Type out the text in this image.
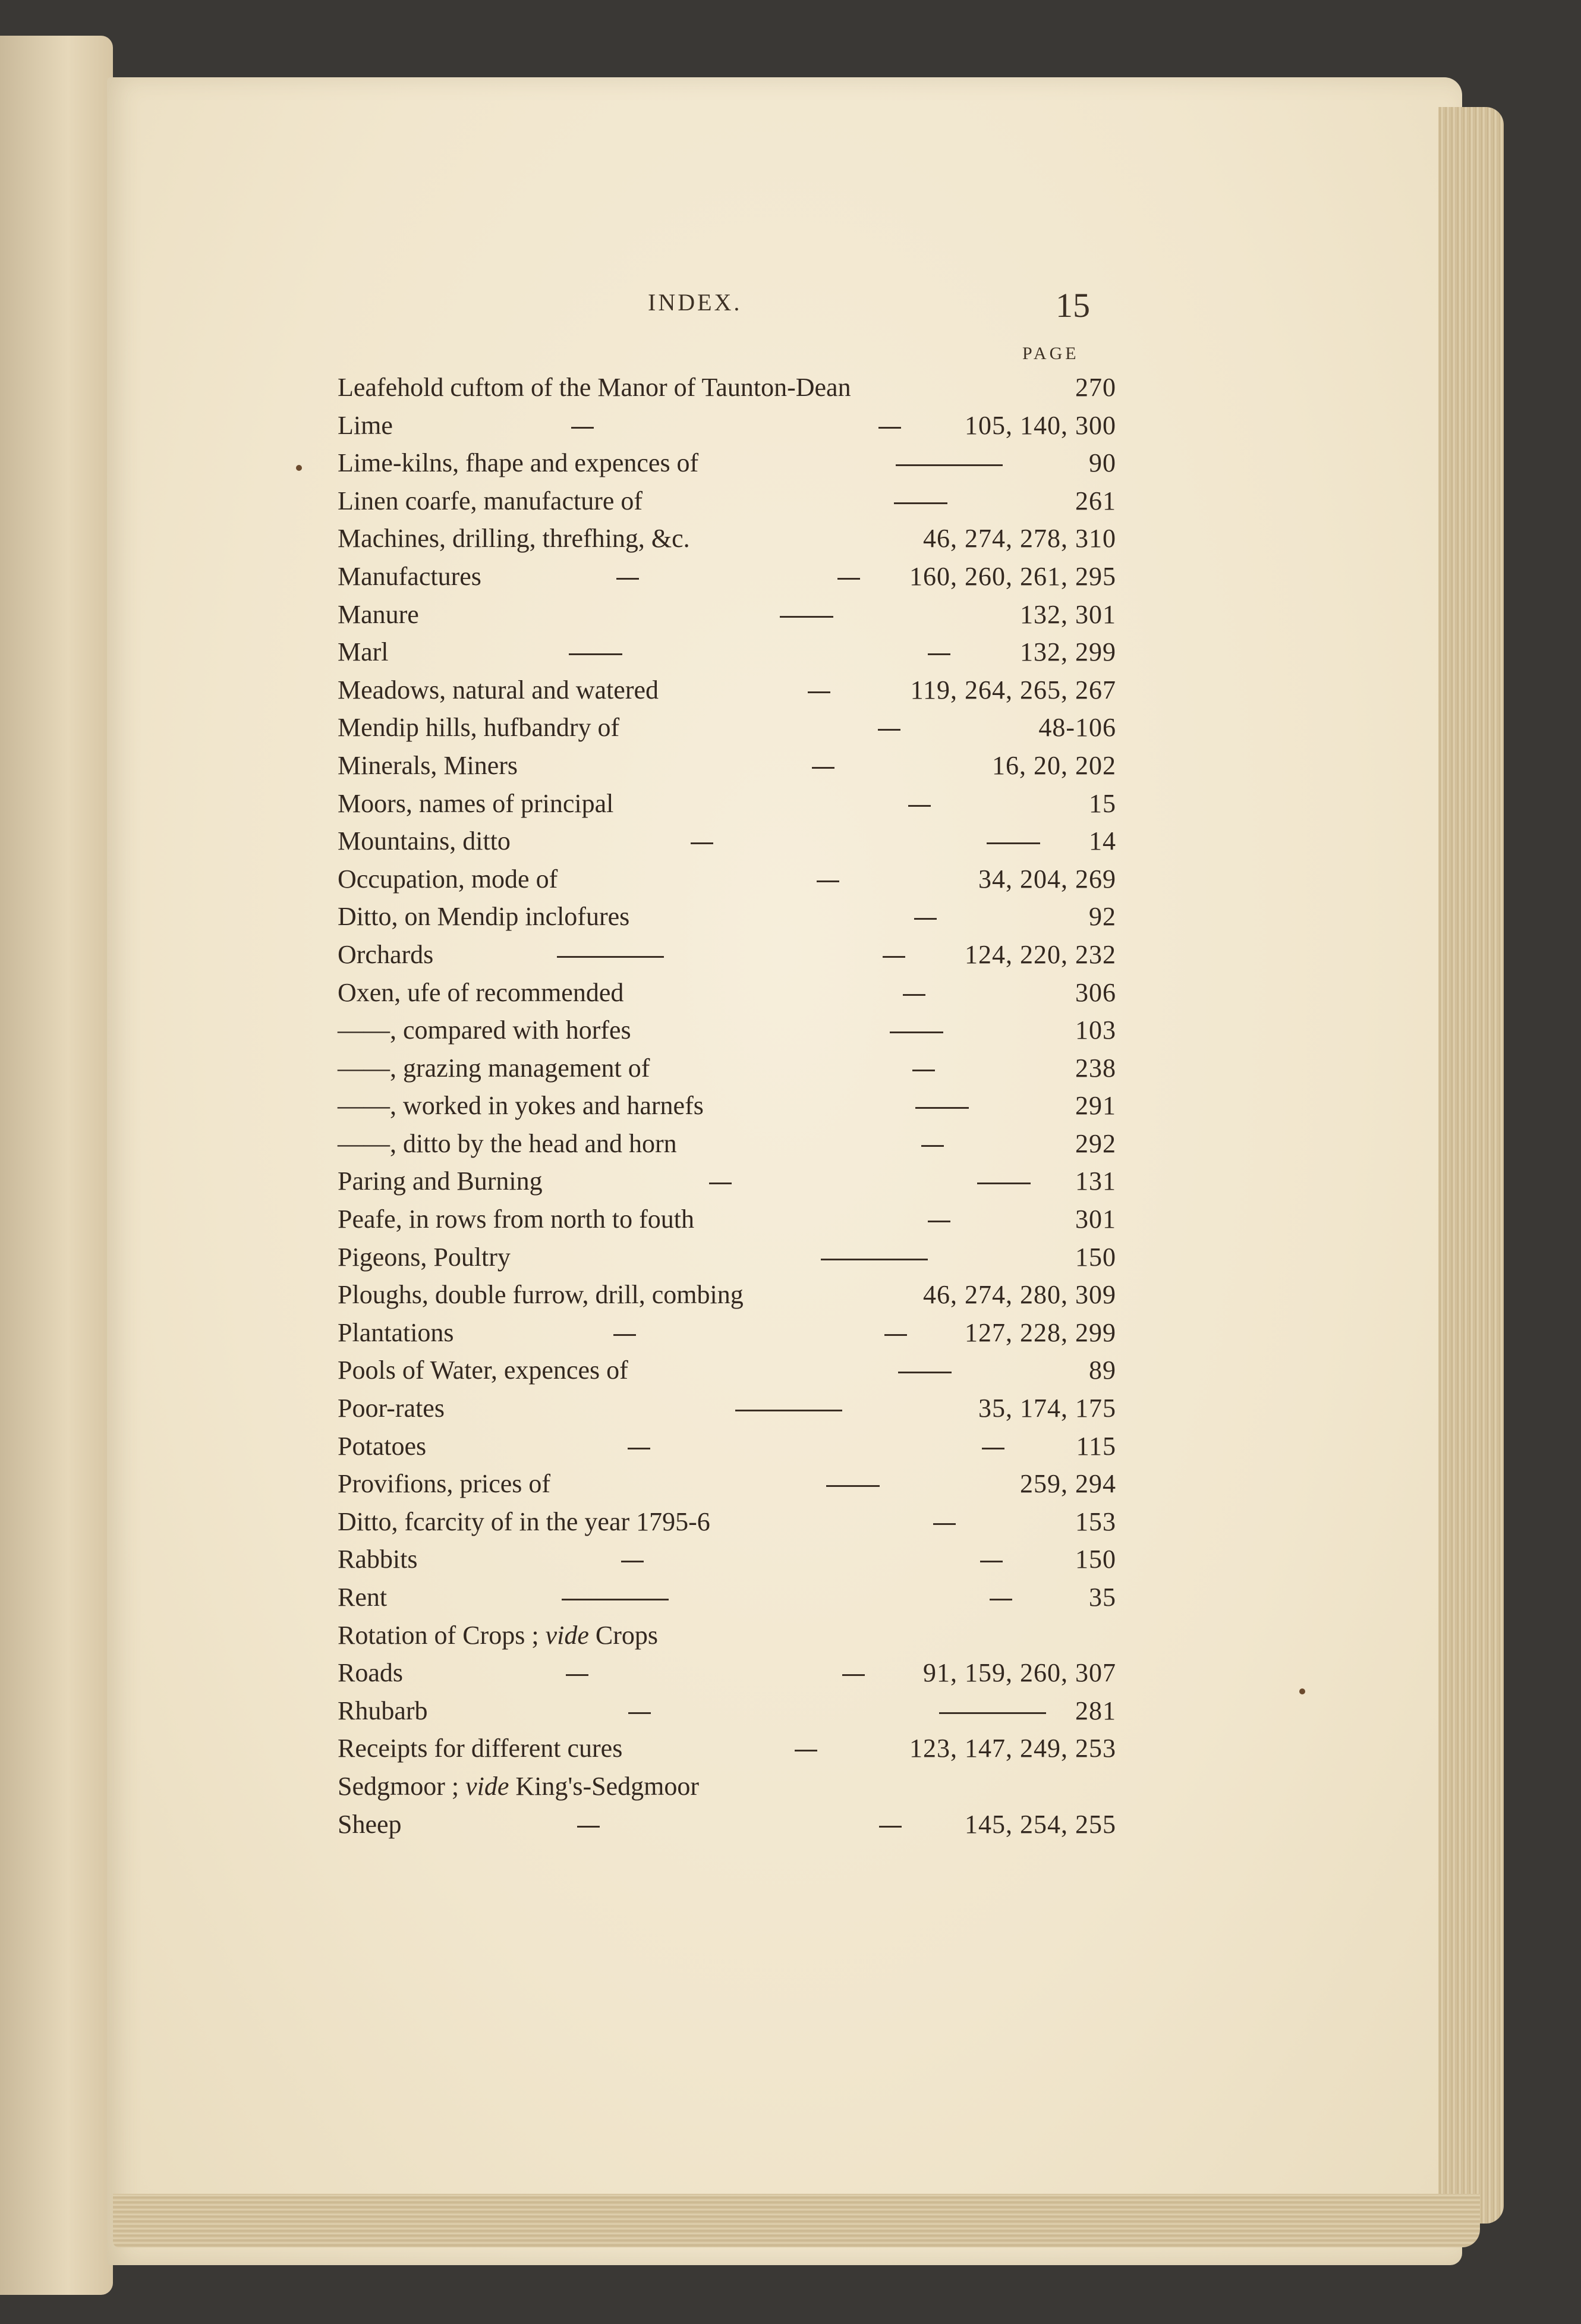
INDEX.	15
PAGE
Leafehold cuftom of the Manor of Taunton-Dean	270
Lime	105, 140, 300
Lime-kilns, fhape and expences of	90
Linen coarfe, manufacture of	261
Machines, drilling, threfhing, &c.	46, 274, 278, 310
Manufactures	160, 260, 261, 295
Manure	132, 301
Marl	132, 299
Meadows, natural and watered	119, 264, 265, 267
Mendip hills, hufbandry of	48-106
Minerals, Miners	16, 20, 202
Moors, names of principal	15
Mountains, ditto	14
Occupation, mode of	34, 204, 269
Ditto, on Mendip inclofures	92
Orchards	124, 220, 232
Oxen, ufe of recommended	306
——, compared with horfes	103
——, grazing management of	238
——, worked in yokes and harnefs	291
——, ditto by the head and horn	292
Paring and Burning	131
Peafe, in rows from north to fouth	301
Pigeons, Poultry	150
Ploughs, double furrow, drill, combing	46, 274, 280, 309
Plantations	127, 228, 299
Pools of Water, expences of	89
Poor-rates	35, 174, 175
Potatoes	115
Provifions, prices of	259, 294
Ditto, fcarcity of in the year 1795-6	153
Rabbits	150
Rent	35
Rotation of Crops ; vide Crops
Roads	91, 159, 260, 307
Rhubarb	281
Receipts for different cures	123, 147, 249, 253
Sedgmoor ; vide King's-Sedgmoor
Sheep	145, 254, 255
